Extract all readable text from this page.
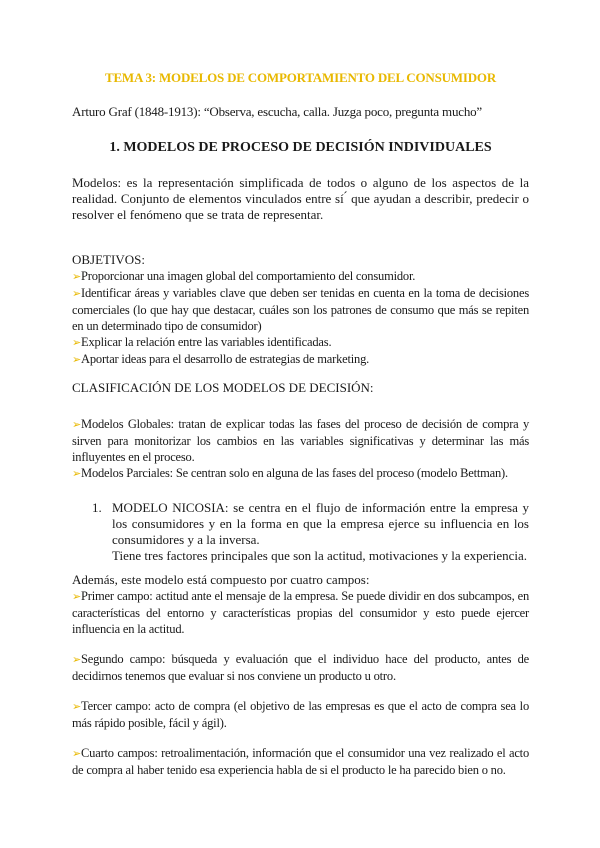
TEMA 3: MODELOS DE COMPORTAMIENTO DEL CONSUMIDOR
Arturo Graf (1848-1913): “Observa, escucha, calla. Juzga poco, pregunta mucho”
1. MODELOS DE PROCESO DE DECISIÓN INDIVIDUALES

Modelos: es la representación simplificada de todos o alguno de los aspectos de la realidad. Conjunto de elementos vinculados entre sí ́ que ayudan a describir, predecir o resolver el fenómeno que se trata de representar.

OBJETIVOS:

➢Proporcionar una imagen global del comportamiento del consumidor.

➢Identificar áreas y variables clave que deben ser tenidas en cuenta en la toma de decisiones comerciales (lo que hay que destacar, cuáles son los patrones de consumo que más se repiten en un determinado tipo de consumidor)

➢Explicar la relación entre las variables identificadas.

➢Aportar ideas para el desarrollo de estrategias de marketing.

CLASIFICACIÓN DE LOS MODELOS DE DECISIÓN:

➢Modelos Globales: tratan de explicar todas las fases del proceso de decisión de compra y sirven para monitorizar los cambios en las variables significativas y determinar las más influyentes en el proceso.

➢Modelos Parciales: Se centran solo en alguna de las fases del proceso (modelo Bettman).

1. MODELO NICOSIA: se centra en el flujo de información entre la empresa y los consumidores y en la forma en que la empresa ejerce su influencia en los consumidores y a la inversa.

Tiene tres factores principales que son la actitud, motivaciones y la experiencia.

Además, este modelo está compuesto por cuatro campos:

➢Primer campo: actitud ante el mensaje de la empresa. Se puede dividir en dos subcampos, en características del entorno y características propias del consumidor y esto puede ejercer influencia en la actitud.

➢Segundo campo: búsqueda y evaluación que el individuo hace del producto, antes de decidirnos tenemos que evaluar si nos conviene un producto u otro.

➢Tercer campo: acto de compra (el objetivo de las empresas es que el acto de compra sea lo más rápido posible, fácil y ágil).

➢Cuarto campos: retroalimentación, información que el consumidor una vez realizado el acto de compra al haber tenido esa experiencia habla de si el producto le ha parecido bien o no.
